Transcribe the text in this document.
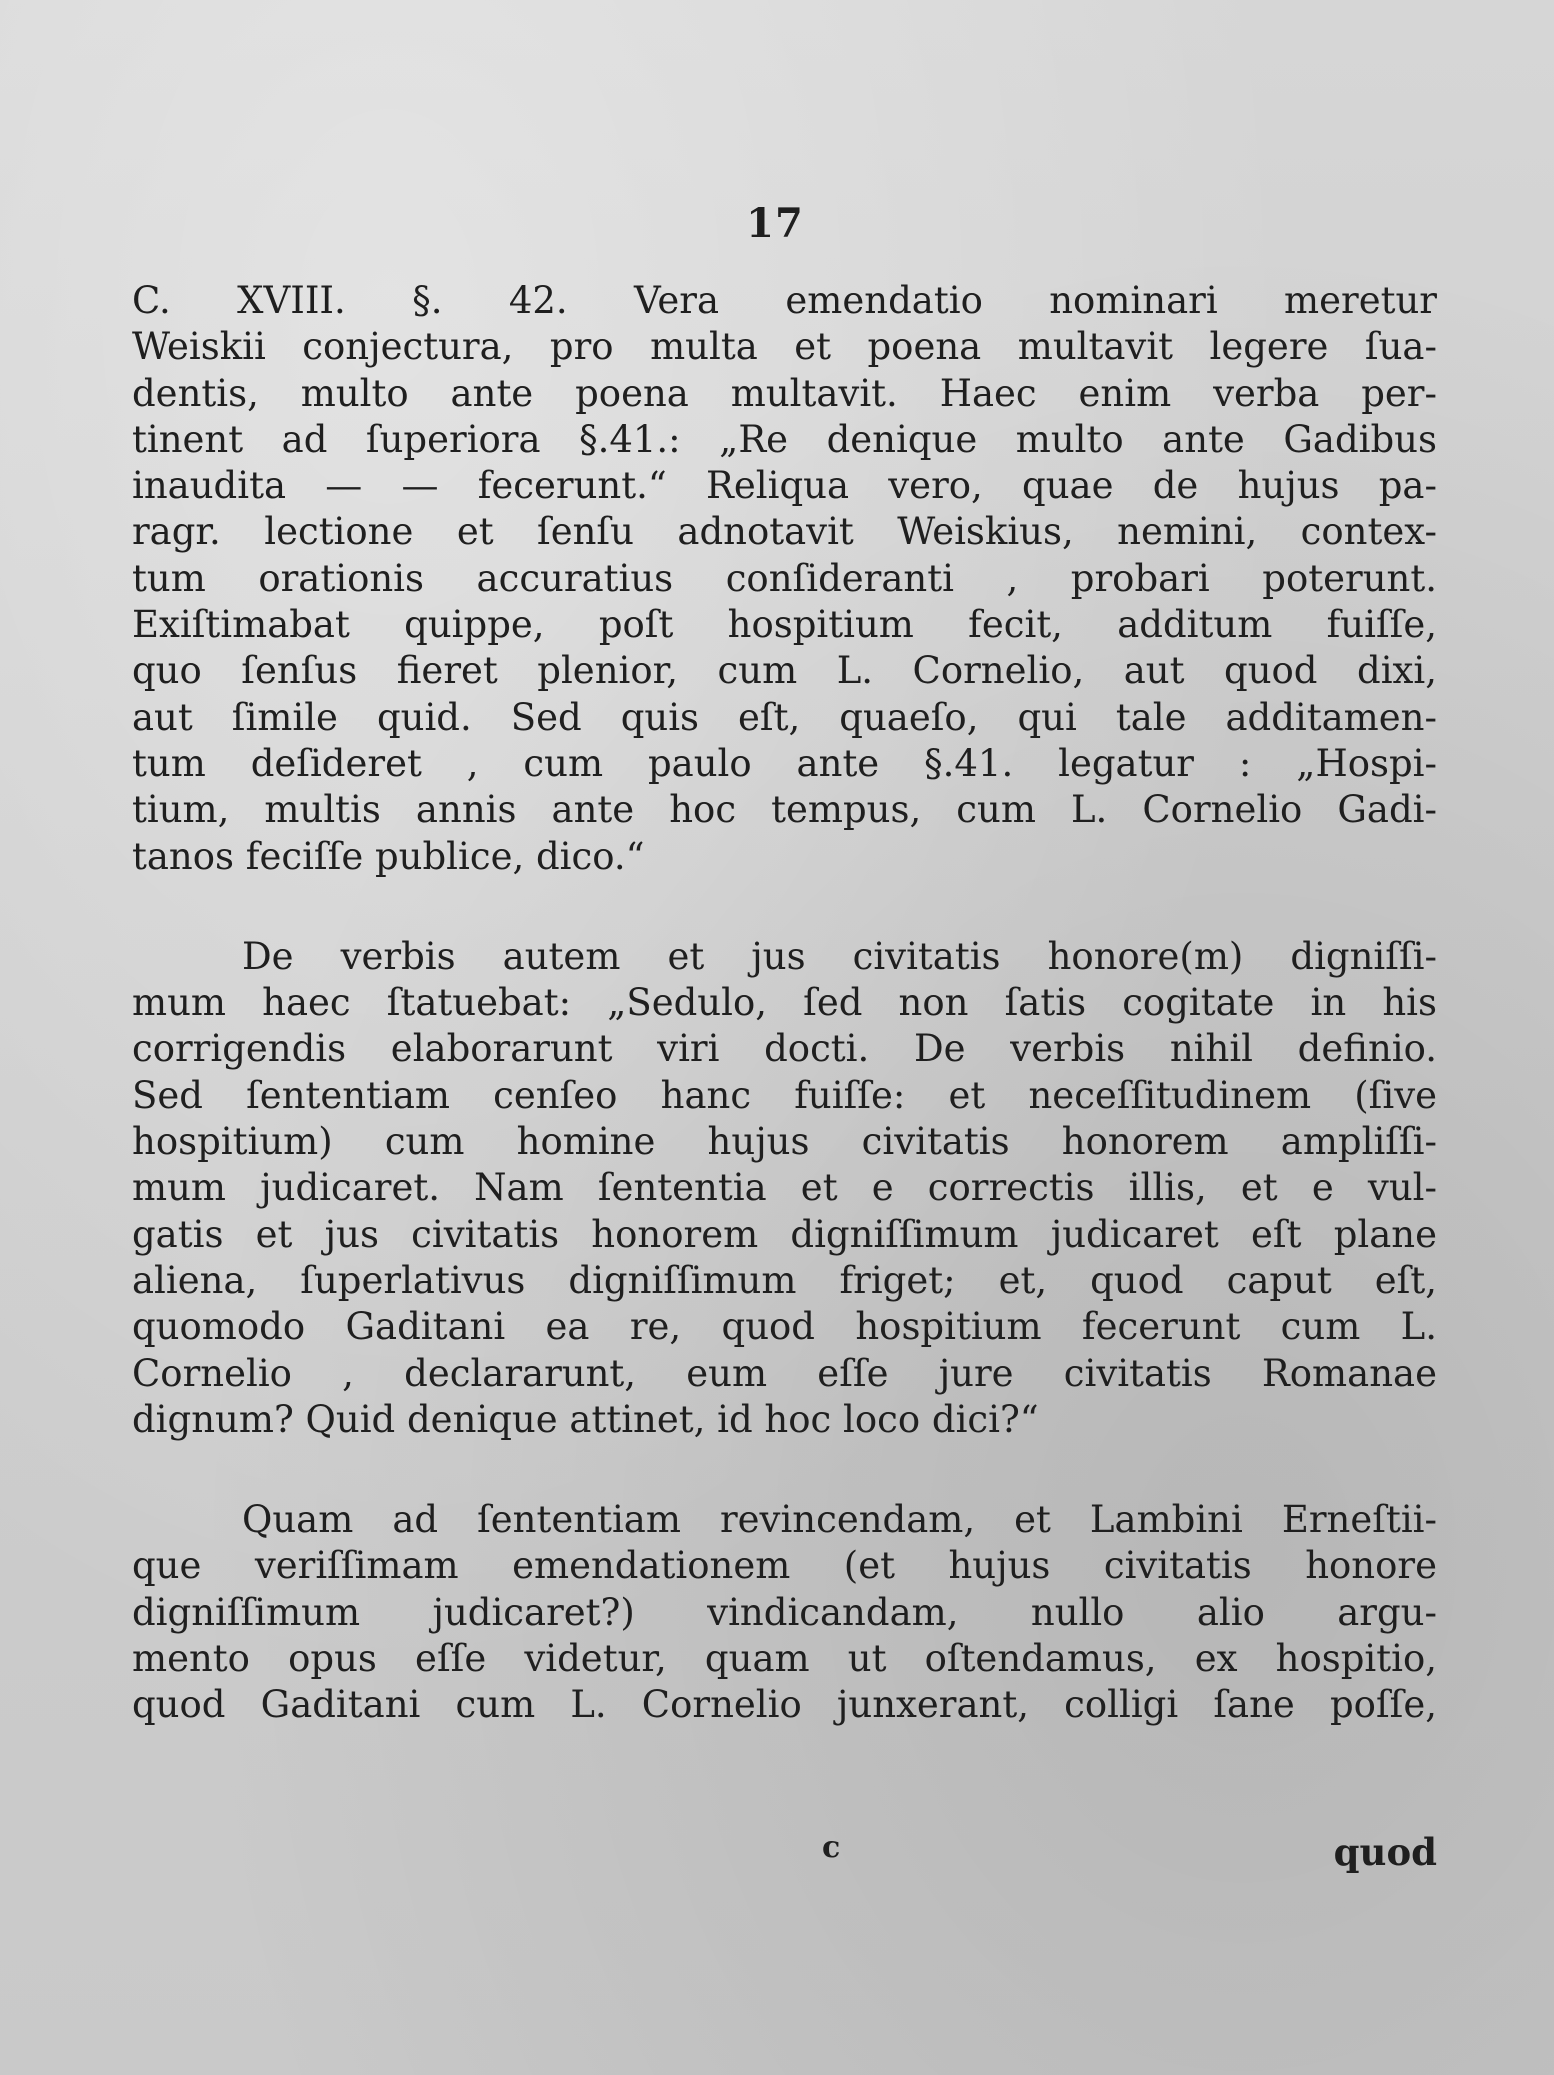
17
C. XVIII. §. 42. Vera emendatio nominari meretur
Weiskii conjectura, pro multa et poena multavit legere ſua-
dentis, multo ante poena multavit. Haec enim verba per-
tinent ad ſuperiora §.41.: „Re denique multo ante Gadibus
inaudita — — fecerunt.“ Reliqua vero, quae de hujus pa-
ragr. lectione et ſenſu adnotavit Weiskius, nemini, contex-
tum orationis accuratius conſideranti , probari poterunt.
Exiſtimabat quippe, poſt hospitium fecit, additum fuiſſe,
quo ſenſus fieret plenior, cum L. Cornelio, aut quod dixi,
aut ſimile quid. Sed quis eſt, quaeſo, qui tale additamen-
tum deſideret , cum paulo ante §.41. legatur : „Hospi-
tium, multis annis ante hoc tempus, cum L. Cornelio Gadi-
tanos feciſſe publice, dico.“
De verbis autem et jus civitatis honore(m) digniſſi-
mum haec ſtatuebat: „Sedulo, ſed non ſatis cogitate in his
corrigendis elaborarunt viri docti. De verbis nihil definio.
Sed ſententiam cenſeo hanc fuiſſe: et neceſſitudinem (ſive
hospitium) cum homine hujus civitatis honorem ampliſſi-
mum judicaret. Nam ſententia et e correctis illis, et e vul-
gatis et jus civitatis honorem digniſſimum judicaret eſt plane
aliena, ſuperlativus digniſſimum friget; et, quod caput eſt,
quomodo Gaditani ea re, quod hospitium fecerunt cum L.
Cornelio , declararunt, eum eſſe jure civitatis Romanae
dignum? Quid denique attinet, id hoc loco dici?“
Quam ad ſententiam revincendam, et Lambini Erneſtii-
que veriſſimam emendationem (et hujus civitatis honore
digniſſimum judicaret?) vindicandam, nullo alio argu-
mento opus eſſe videtur, quam ut oſtendamus, ex hospitio,
quod Gaditani cum L. Cornelio junxerant, colligi ſane poſſe,
c	quod
